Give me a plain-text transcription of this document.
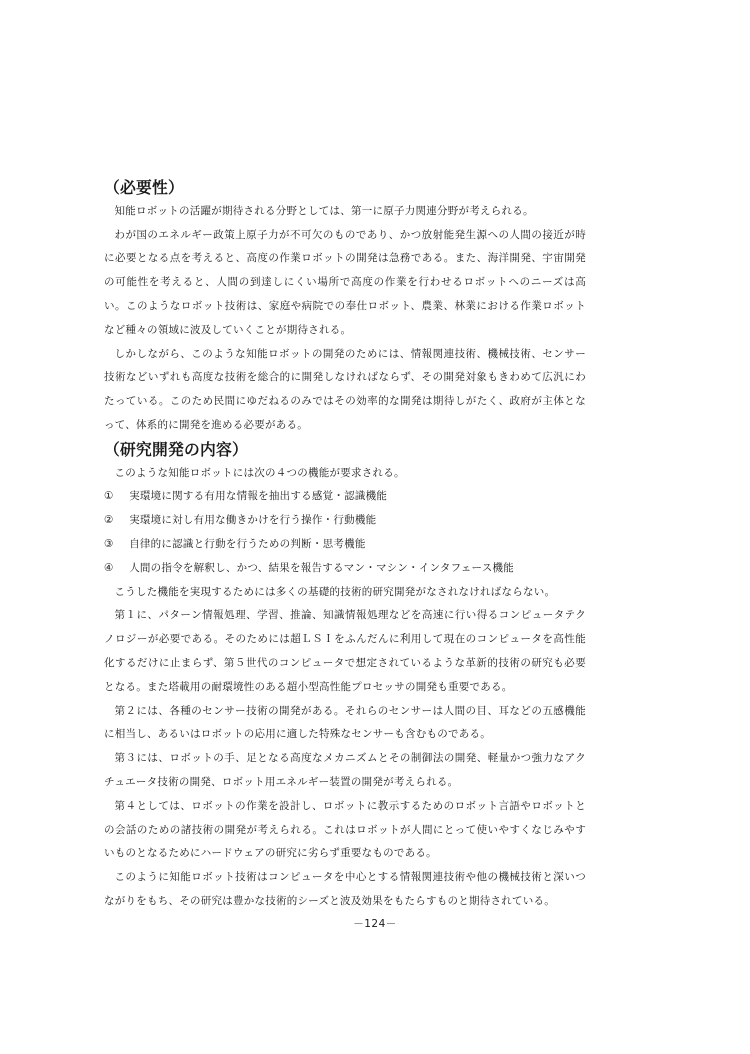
（必要性）

知能ロボットの活躍が期待される分野としては、第一に原子力関連分野が考えられる。

わが国のエネルギー政策上原子力が不可欠のものであり、かつ放射能発生源への人間の接近が時に必要となる点を考えると、高度の作業ロボットの開発は急務である。また、海洋開発、宇宙開発の可能性を考えると、人間の到達しにくい場所で高度の作業を行わせるロボットへのニーズは高い。このようなロボット技術は、家庭や病院での奉仕ロボット、農業、林業における作業ロボットなど種々の領域に波及していくことが期待される。

しかしながら、このような知能ロボットの開発のためには、情報関連技術、機械技術、センサー技術などいずれも高度な技術を総合的に開発しなければならず、その開発対象もきわめて広汎にわたっている。このため民間にゆだねるのみではその効率的な開発は期待しがたく、政府が主体となって、体系的に開発を進める必要がある。

（研究開発の内容）

このような知能ロボットには次の４つの機能が要求される。

① 実環境に関する有用な情報を抽出する感覚・認識機能
② 実環境に対し有用な働きかけを行う操作・行動機能
③ 自律的に認識と行動を行うための判断・思考機能
④ 人間の指令を解釈し、かつ、結果を報告するマン・マシン・インタフェース機能

こうした機能を実現するためには多くの基礎的技術的研究開発がなされなければならない。

第１に、パターン情報処理、学習、推論、知識情報処理などを高速に行い得るコンピュータテクノロジーが必要である。そのためには超ＬＳＩをふんだんに利用して現在のコンピュータを高性能化するだけに止まらず、第５世代のコンピュータで想定されているような革新的技術の研究も必要となる。また塔載用の耐環境性のある超小型高性能プロセッサの開発も重要である。

第２には、各種のセンサー技術の開発がある。それらのセンサーは人間の目、耳などの五感機能に相当し、あるいはロボットの応用に適した特殊なセンサーも含むものである。

第３には、ロボットの手、足となる高度なメカニズムとその制御法の開発、軽量かつ強力なアクチュエータ技術の開発、ロボット用エネルギー装置の開発が考えられる。

第４としては、ロボットの作業を設計し、ロボットに教示するためのロボット言語やロボットとの会話のための諸技術の開発が考えられる。これはロボットが人間にとって使いやすくなじみやすいものとなるためにハードウェアの研究に劣らず重要なものである。

このように知能ロボット技術はコンピュータを中心とする情報関連技術や他の機械技術と深いつながりをもち、その研究は豊かな技術的シーズと波及効果をもたらすものと期待されている。

－124－
